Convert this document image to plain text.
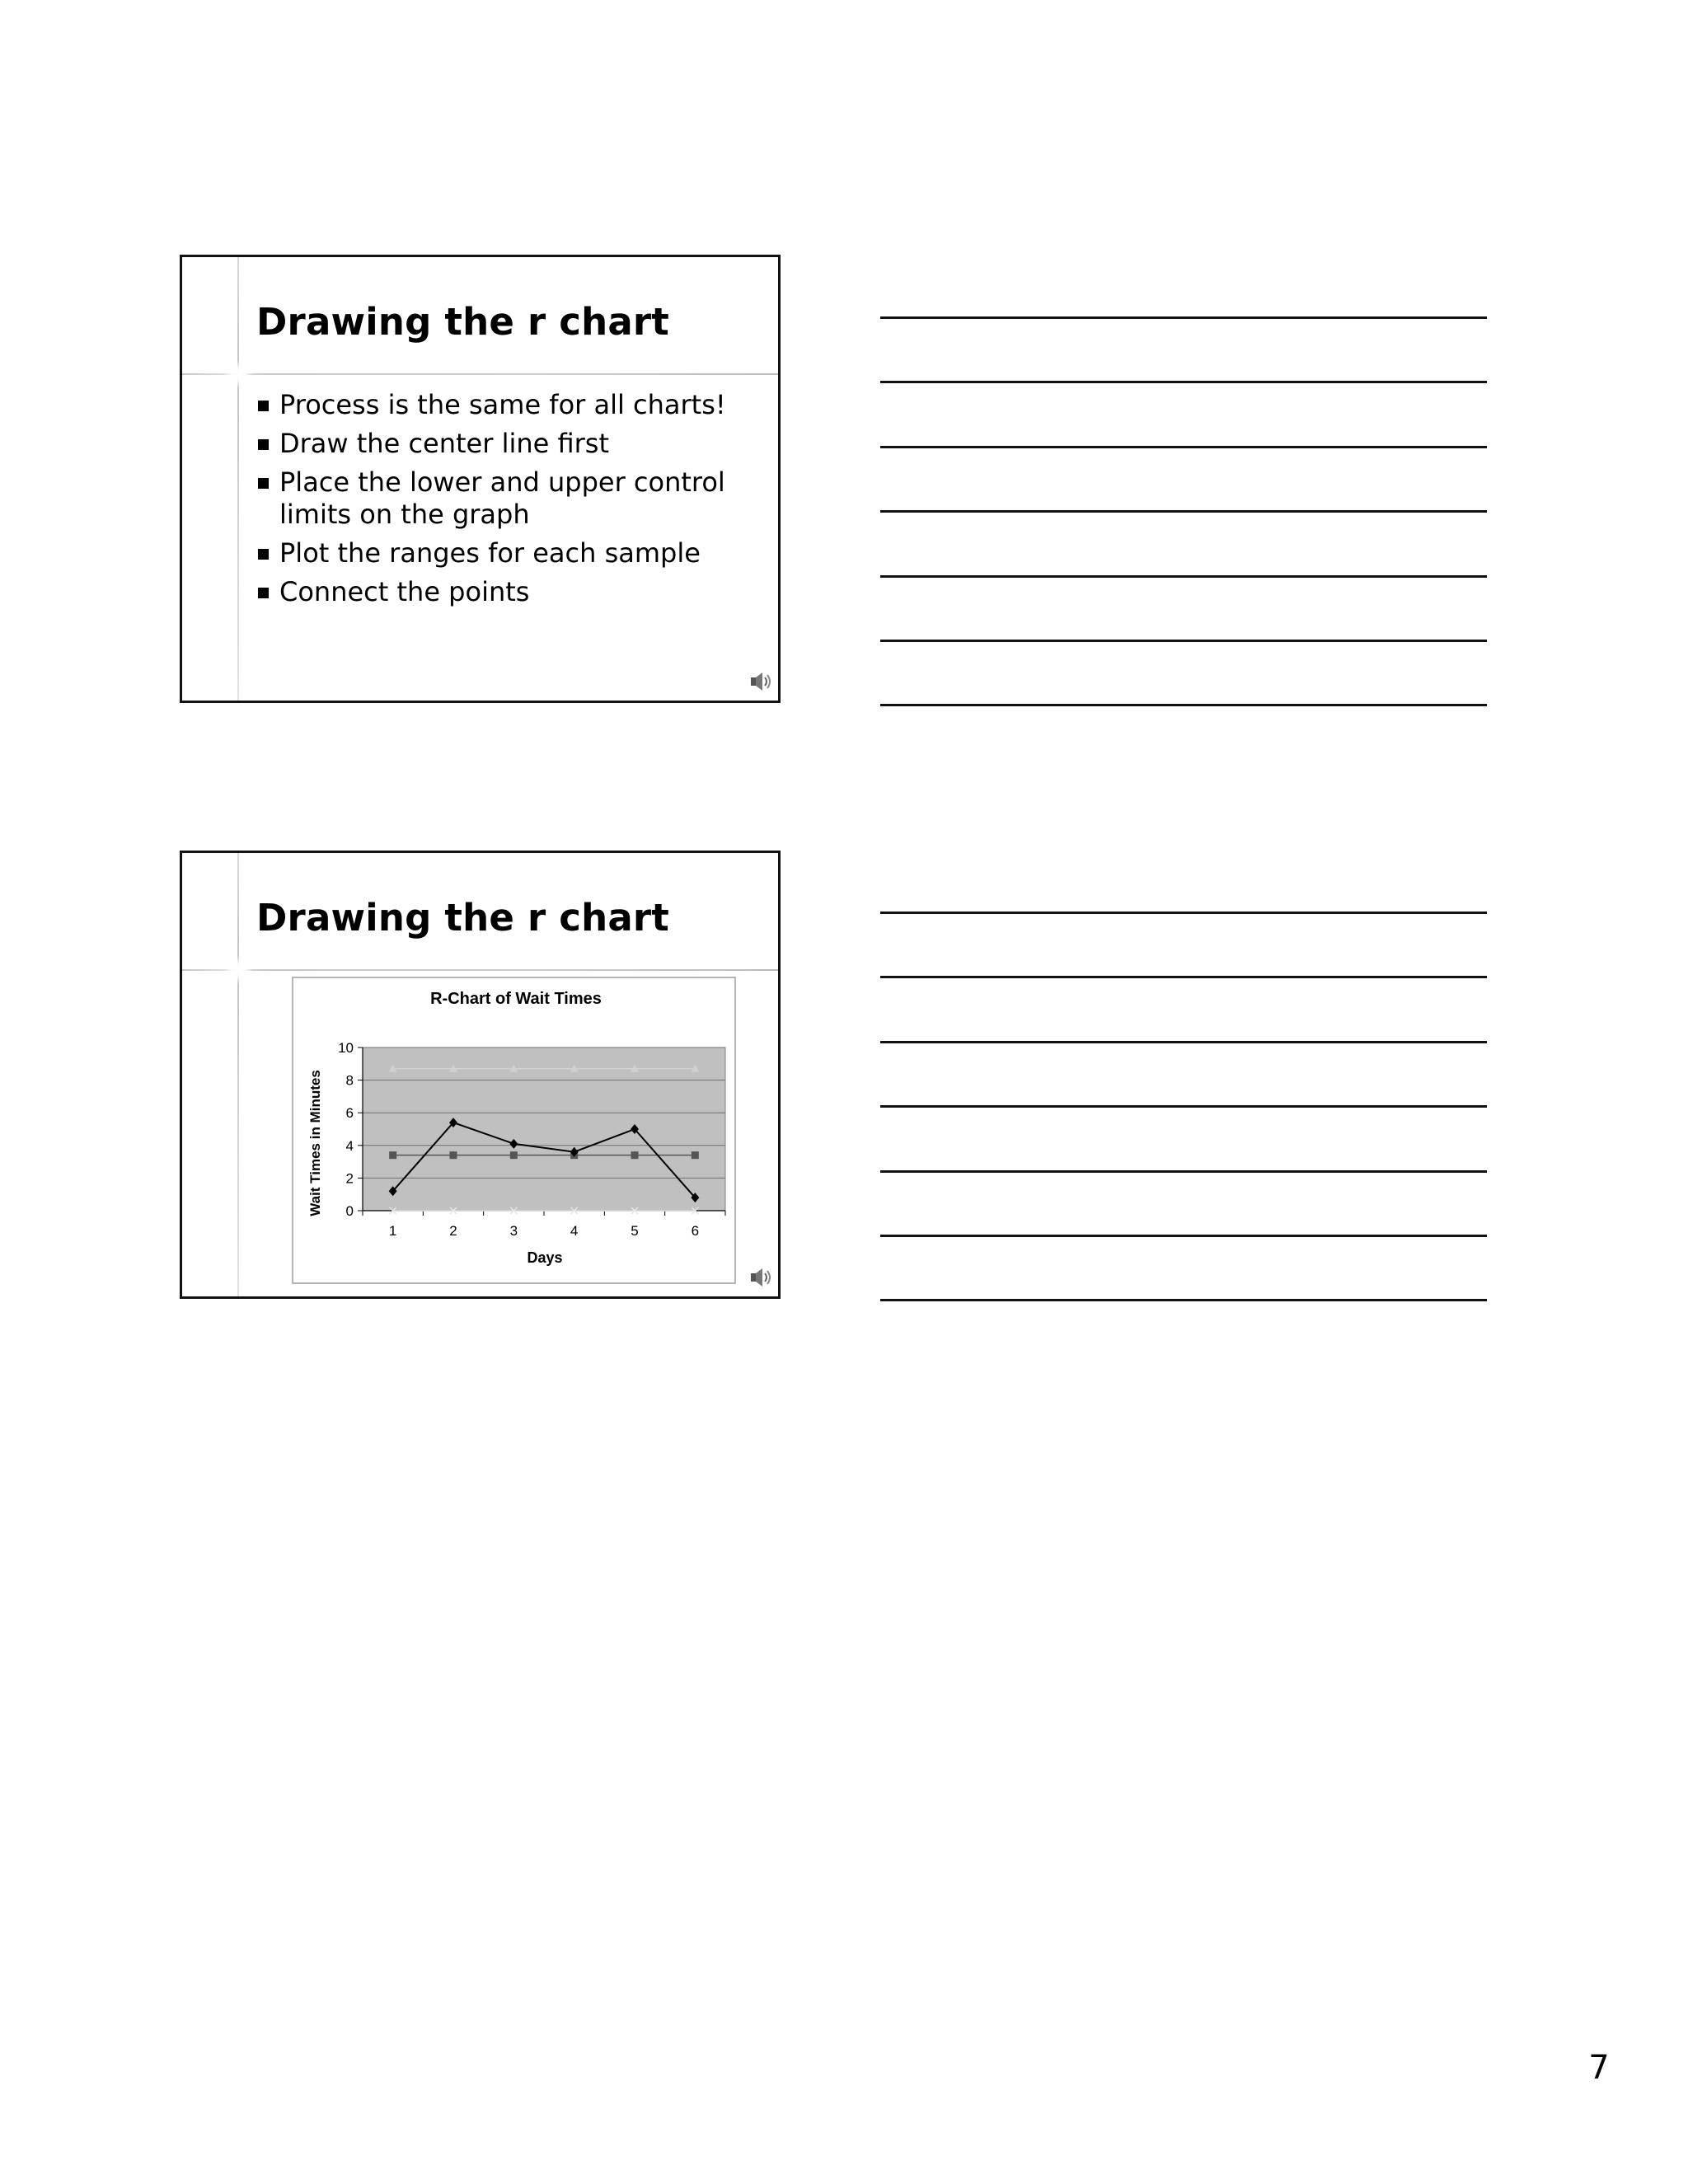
Drawing the r chart
Process is the same for all charts!
Draw the center line first
Place the lower and upper control limits on the graph
Plot the ranges for each sample
Connect the points
Drawing the r chart
R-Chart of Wait Times
Wait Times in Minutes
Days
0
2
4
6
8
10
1	2	3	4	5	6
7
